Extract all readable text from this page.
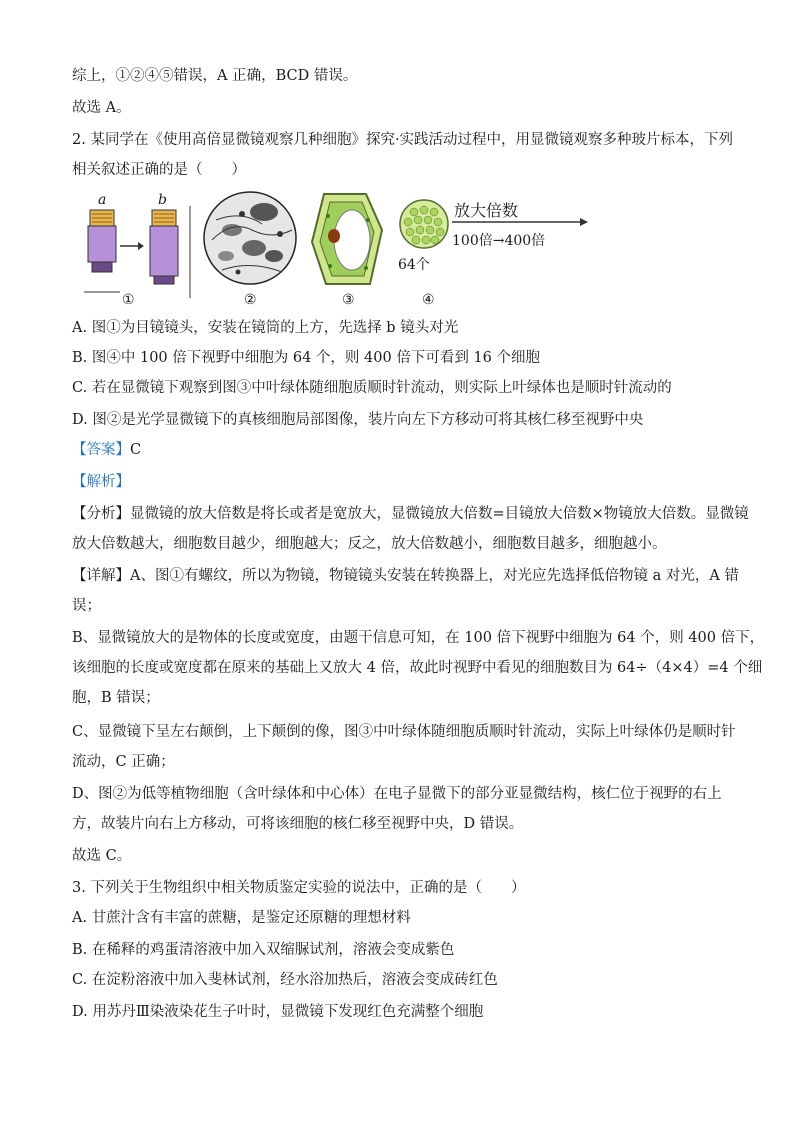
综上，①②④⑤错误，A 正确，BCD 错误。
故选 A。
2. 某同学在《使用高倍显微镜观察几种细胞》探究·实践活动过程中，用显微镜观察多种玻片标本，下列
相关叙述正确的是（　　）
a	b
①	②	③
64个
放大倍数
100倍→400倍
④
A. 图①为目镜镜头，安装在镜筒的上方，先选择 b 镜头对光
B. 图④中 100 倍下视野中细胞为 64 个，则 400 倍下可看到 16 个细胞
C. 若在显微镜下观察到图③中叶绿体随细胞质顺时针流动，则实际上叶绿体也是顺时针流动的
D. 图②是光学显微镜下的真核细胞局部图像，装片向左下方移动可将其核仁移至视野中央
【答案】C
【解析】
【分析】显微镜的放大倍数是将长或者是宽放大，显微镜放大倍数=目镜放大倍数×物镜放大倍数。显微镜
放大倍数越大，细胞数目越少，细胞越大；反之，放大倍数越小，细胞数目越多，细胞越小。
【详解】A、图①有螺纹，所以为物镜，物镜镜头安装在转换器上，对光应先选择低倍物镜 a 对光，A 错
误；
B、显微镜放大的是物体的长度或宽度，由题干信息可知，在 100 倍下视野中细胞为 64 个，则 400 倍下，
该细胞的长度或宽度都在原来的基础上又放大 4 倍，故此时视野中看见的细胞数目为 64÷（4×4）=4 个细
胞，B 错误；
C、显微镜下呈左右颠倒，上下颠倒的像，图③中叶绿体随细胞质顺时针流动，实际上叶绿体仍是顺时针
流动，C 正确；
D、图②为低等植物细胞（含叶绿体和中心体）在电子显微下的部分亚显微结构，核仁位于视野的右上
方，故装片向右上方移动，可将该细胞的核仁移至视野中央，D 错误。
故选 C。
3. 下列关于生物组织中相关物质鉴定实验的说法中，正确的是（　　）
A. 甘蔗汁含有丰富的蔗糖，是鉴定还原糖的理想材料
B. 在稀释的鸡蛋清溶液中加入双缩脲试剂，溶液会变成紫色
C. 在淀粉溶液中加入斐林试剂，经水浴加热后，溶液会变成砖红色
D. 用苏丹Ⅲ染液染花生子叶时，显微镜下发现红色充满整个细胞
